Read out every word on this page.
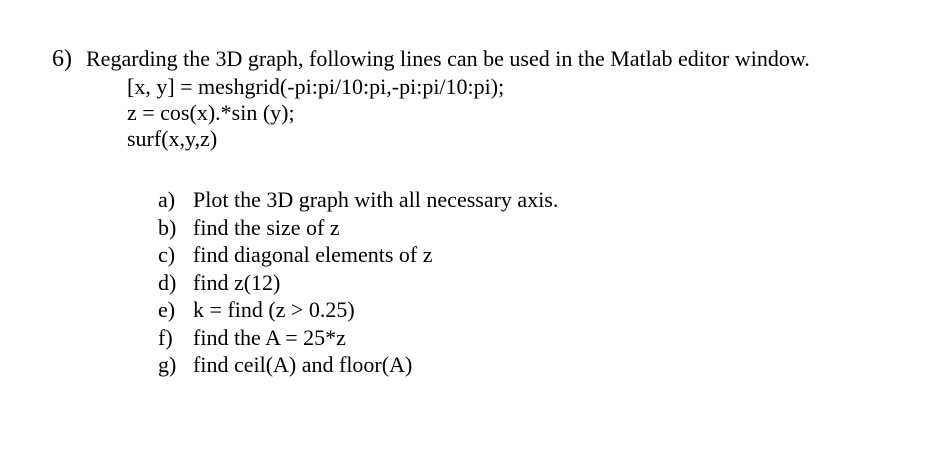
6) Regarding the 3D graph, following lines can be used in the Matlab editor window.
[x, y] = meshgrid(-pi:pi/10:pi,-pi:pi/10:pi);
z = cos(x).*sin (y);
surf(x,y,z)
a) Plot the 3D graph with all necessary axis.
b) find the size of z
c) find diagonal elements of z
d) find z(12)
e) k = find (z > 0.25)
f) find the A = 25*z
g) find ceil(A) and floor(A)
